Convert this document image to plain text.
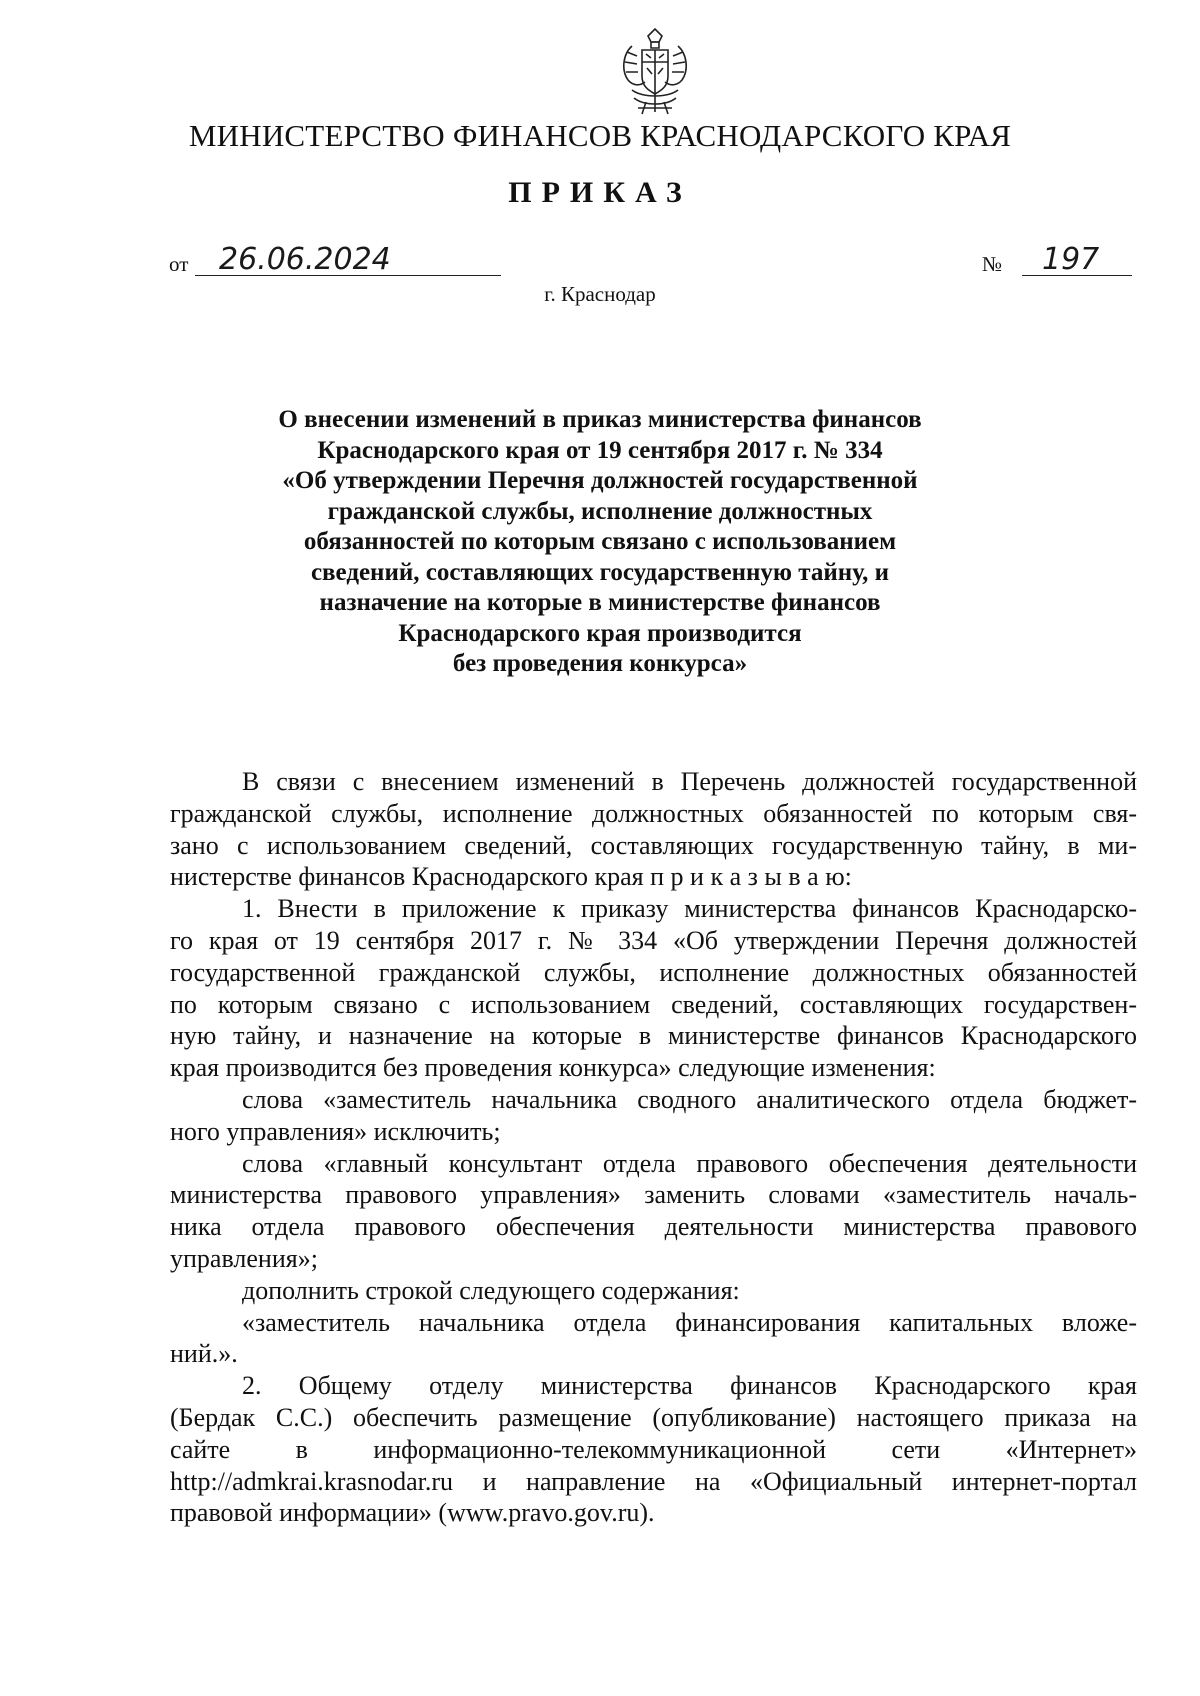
МИНИСТЕРСТВО ФИНАНСОВ КРАСНОДАРСКОГО КРАЯ
ПРИКАЗ
от 26.06.2024	№ 197
г. Краснодар
О внесении изменений в приказ министерства финансов
Краснодарского края от 19 сентября 2017 г. № 334
«Об утверждении Перечня должностей государственной
гражданской службы, исполнение должностных
обязанностей по которым связано с использованием
сведений, составляющих государственную тайну, и
назначение на которые в министерстве финансов
Краснодарского края производится
без проведения конкурса»
В связи с внесением изменений в Перечень должностей государственной
гражданской службы, исполнение должностных обязанностей по которым свя-
зано с использованием сведений, составляющих государственную тайну, в ми-
нистерстве финансов Краснодарского края п р и к а з ы в а ю:
1. Внести в приложение к приказу министерства финансов Краснодарско-
го края от 19 сентября 2017 г. № 334 «Об утверждении Перечня должностей
государственной гражданской службы, исполнение должностных обязанностей
по которым связано с использованием сведений, составляющих государствен-
ную тайну, и назначение на которые в министерстве финансов Краснодарского
края производится без проведения конкурса» следующие изменения:
слова «заместитель начальника сводного аналитического отдела бюджет-
ного управления» исключить;
слова «главный консультант отдела правового обеспечения деятельности
министерства правового управления» заменить словами «заместитель началь-
ника отдела правового обеспечения деятельности министерства правового
управления»;
дополнить строкой следующего содержания:
«заместитель начальника отдела финансирования капитальных вложе-
ний.».
2. Общему отделу министерства финансов Краснодарского края
(Бердак С.С.) обеспечить размещение (опубликование) настоящего приказа на
сайте в информационно-телекоммуникационной сети «Интернет»
http://admkrai.krasnodar.ru и направление на «Официальный интернет-портал
правовой информации» (www.pravo.gov.ru).
